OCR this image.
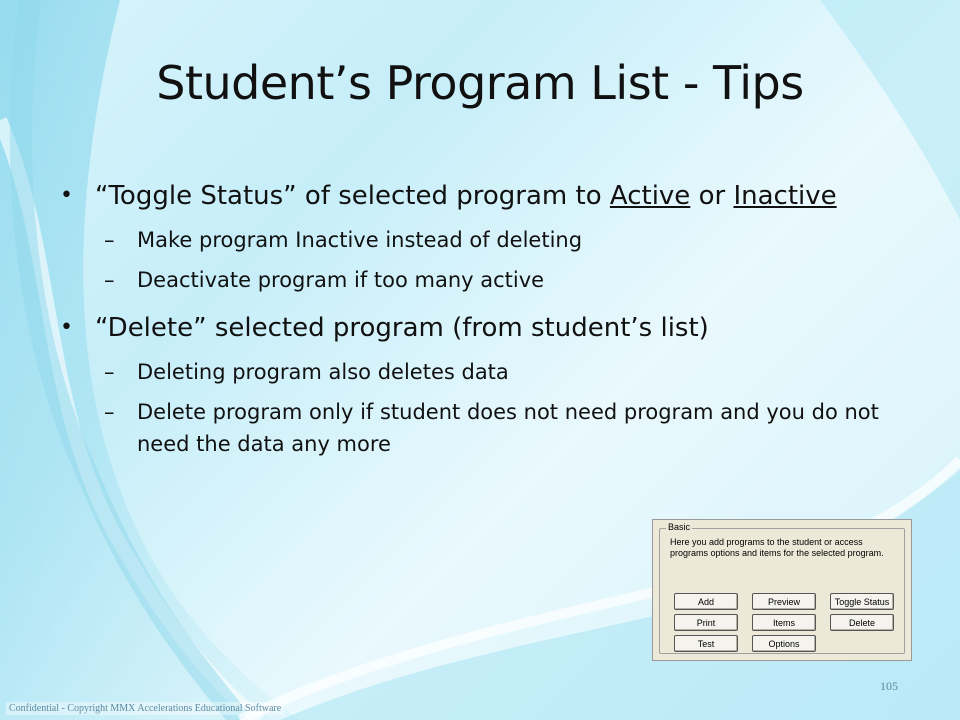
Student’s Program List - Tips
• “Toggle Status” of selected program to Active or Inactive
– Make program Inactive instead of deleting
– Deactivate program if too many active
• “Delete” selected program (from student’s list)
– Deleting program also deletes data
– Delete program only if student does not need program and you do not need the data any more
Basic
Here you add programs to the student or access programs options and items for the selected program.
Add	Preview	Toggle Status
Print	Items	Delete
Test	Options
105
Confidential - Copyright MMX Accelerations Educational Software
